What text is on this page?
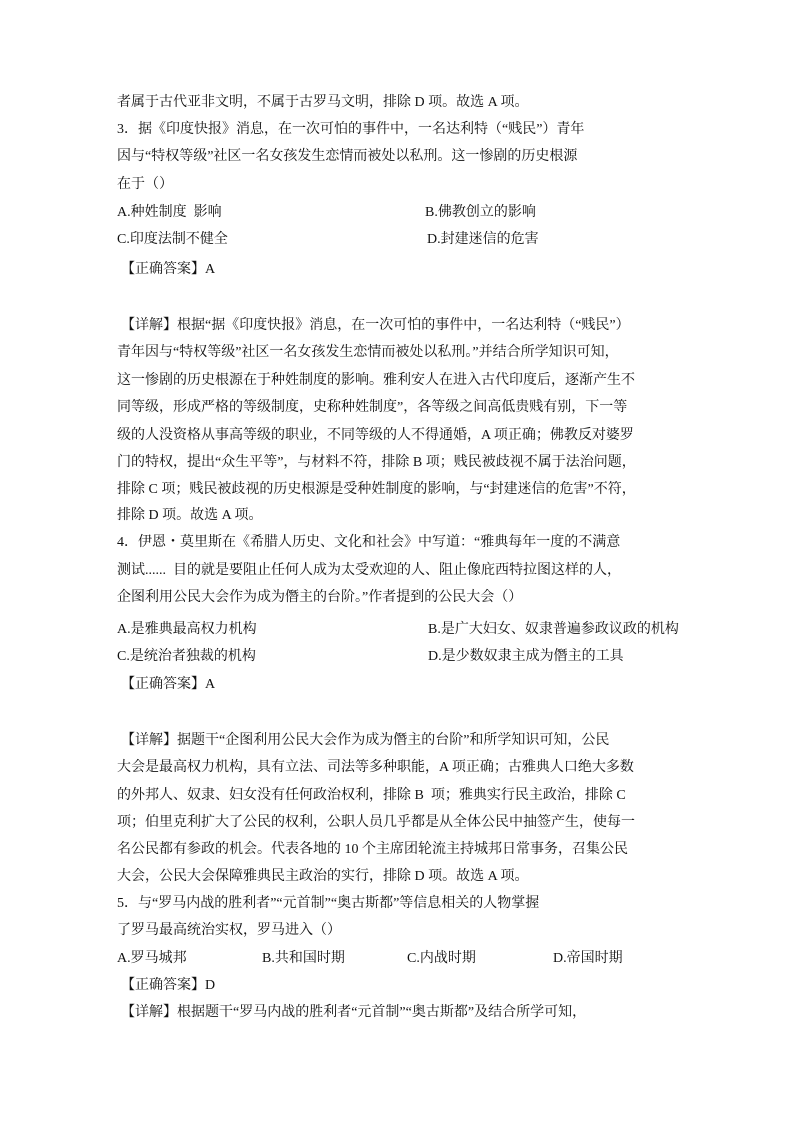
者属于古代亚非文明，不属于古罗马文明，排除 D 项。故选 A 项。
3．据《印度快报》消息，在一次可怕的事件中，一名达利特（“贱民”）青年
因与“特权等级”社区一名女孩发生恋情而被处以私刑。这一惨剧的历史根源
在于（）
A.种姓制度  影响	B.佛教创立的影响
C.印度法制不健全	D.封建迷信的危害
【正确答案】A
【详解】根据“据《印度快报》消息，在一次可怕的事件中，一名达利特（“贱民”）
青年因与“特权等级”社区一名女孩发生恋情而被处以私刑。”并结合所学知识可知，
这一惨剧的历史根源在于种姓制度的影响。雅利安人在进入古代印度后，逐渐产生不
同等级，形成严格的等级制度，史称种姓制度”，各等级之间高低贵贱有别，下一等
级的人没资格从事高等级的职业，不同等级的人不得通婚，A 项正确；佛教反对婆罗
门的特权，提出“众生平等”，与材料不符，排除 B 项；贱民被歧视不属于法治问题，
排除 C 项；贱民被歧视的历史根源是受种姓制度的影响，与“封建迷信的危害”不符，
排除 D 项。故选 A 项。
4．伊恩・莫里斯在《希腊人历史、文化和社会》中写道：“雅典每年一度的不满意
测试......  目的就是要阻止任何人成为太受欢迎的人、阻止像庇西特拉图这样的人，
企图利用公民大会作为成为僭主的台阶。”作者提到的公民大会（）
A.是雅典最高权力机构	B.是广大妇女、奴隶普遍参政议政的机构
C.是统治者独裁的机构	D.是少数奴隶主成为僭主的工具
【正确答案】A
【详解】据题干“企图利用公民大会作为成为僭主的台阶”和所学知识可知，公民
大会是最高权力机构，具有立法、司法等多种职能，A 项正确；古雅典人口绝大多数
的外邦人、奴隶、妇女没有任何政治权利，排除 B  项；雅典实行民主政治，排除 C
项；伯里克利扩大了公民的权利，公职人员几乎都是从全体公民中抽签产生，使每一
名公民都有参政的机会。代表各地的 10 个主席团轮流主持城邦日常事务，召集公民
大会，公民大会保障雅典民主政治的实行，排除 D 项。故选 A 项。
5．与“罗马内战的胜利者”“元首制”“奥古斯都”等信息相关的人物掌握
了罗马最高统治实权，罗马进入（）
A.罗马城邦	B.共和国时期	C.内战时期	D.帝国时期
【正确答案】D
【详解】根据题干“罗马内战的胜利者“元首制”“奥古斯都”及结合所学可知，
